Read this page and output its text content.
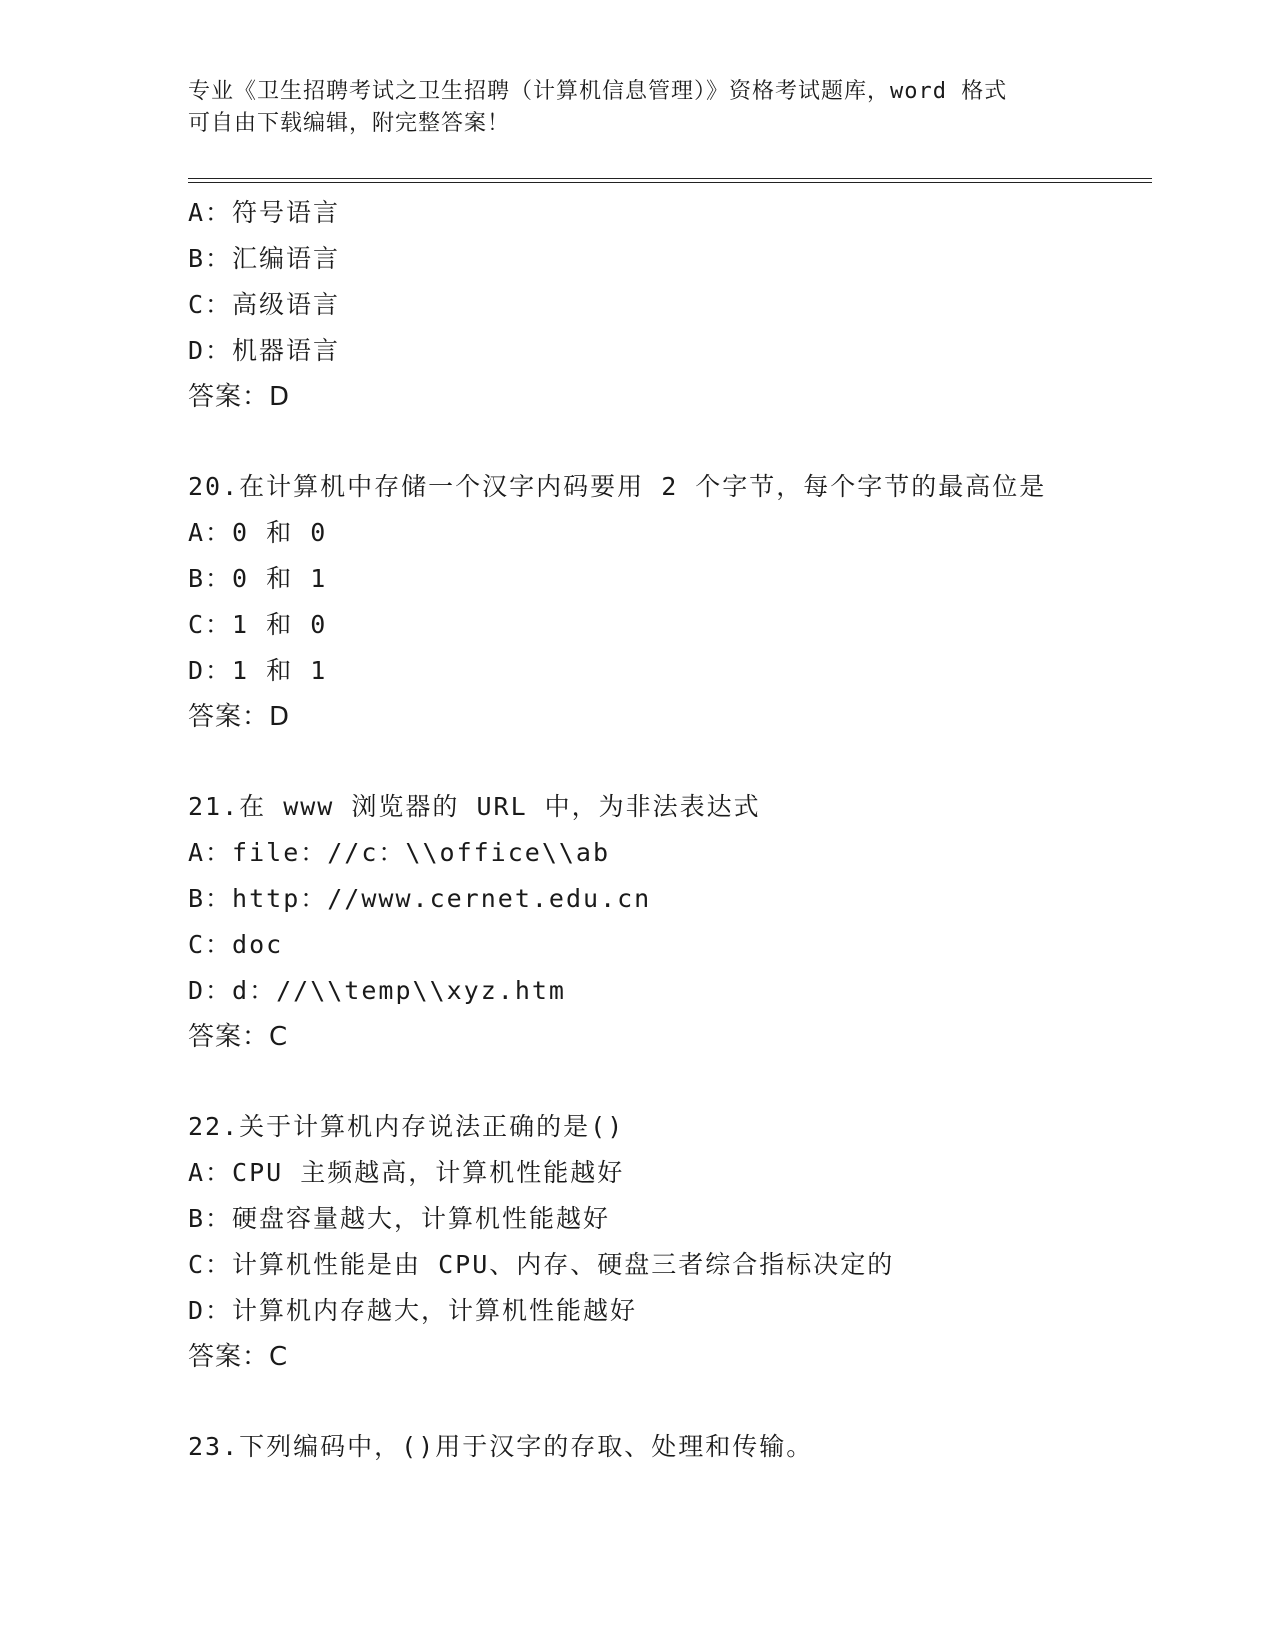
专业《卫生招聘考试之卫生招聘（计算机信息管理）》资格考试题库，word 格式
可自由下载编辑，附完整答案！
A：符号语言
B：汇编语言
C：高级语言
D：机器语言
答案：D
20.在计算机中存储一个汉字内码要用 2 个字节，每个字节的最高位是
A：0 和 0
B：0 和 1
C：1 和 0
D：1 和 1
答案：D
21.在 www 浏览器的 URL 中，为非法表达式
A：file：//c：\\office\\ab
B：http：//www.cernet.edu.cn
C：doc
D：d：//\\temp\\xyz.htm
答案：C
22.关于计算机内存说法正确的是()
A：CPU 主频越高，计算机性能越好
B：硬盘容量越大，计算机性能越好
C：计算机性能是由 CPU、内存、硬盘三者综合指标决定的
D：计算机内存越大，计算机性能越好
答案：C
23.下列编码中，()用于汉字的存取、处理和传输。
